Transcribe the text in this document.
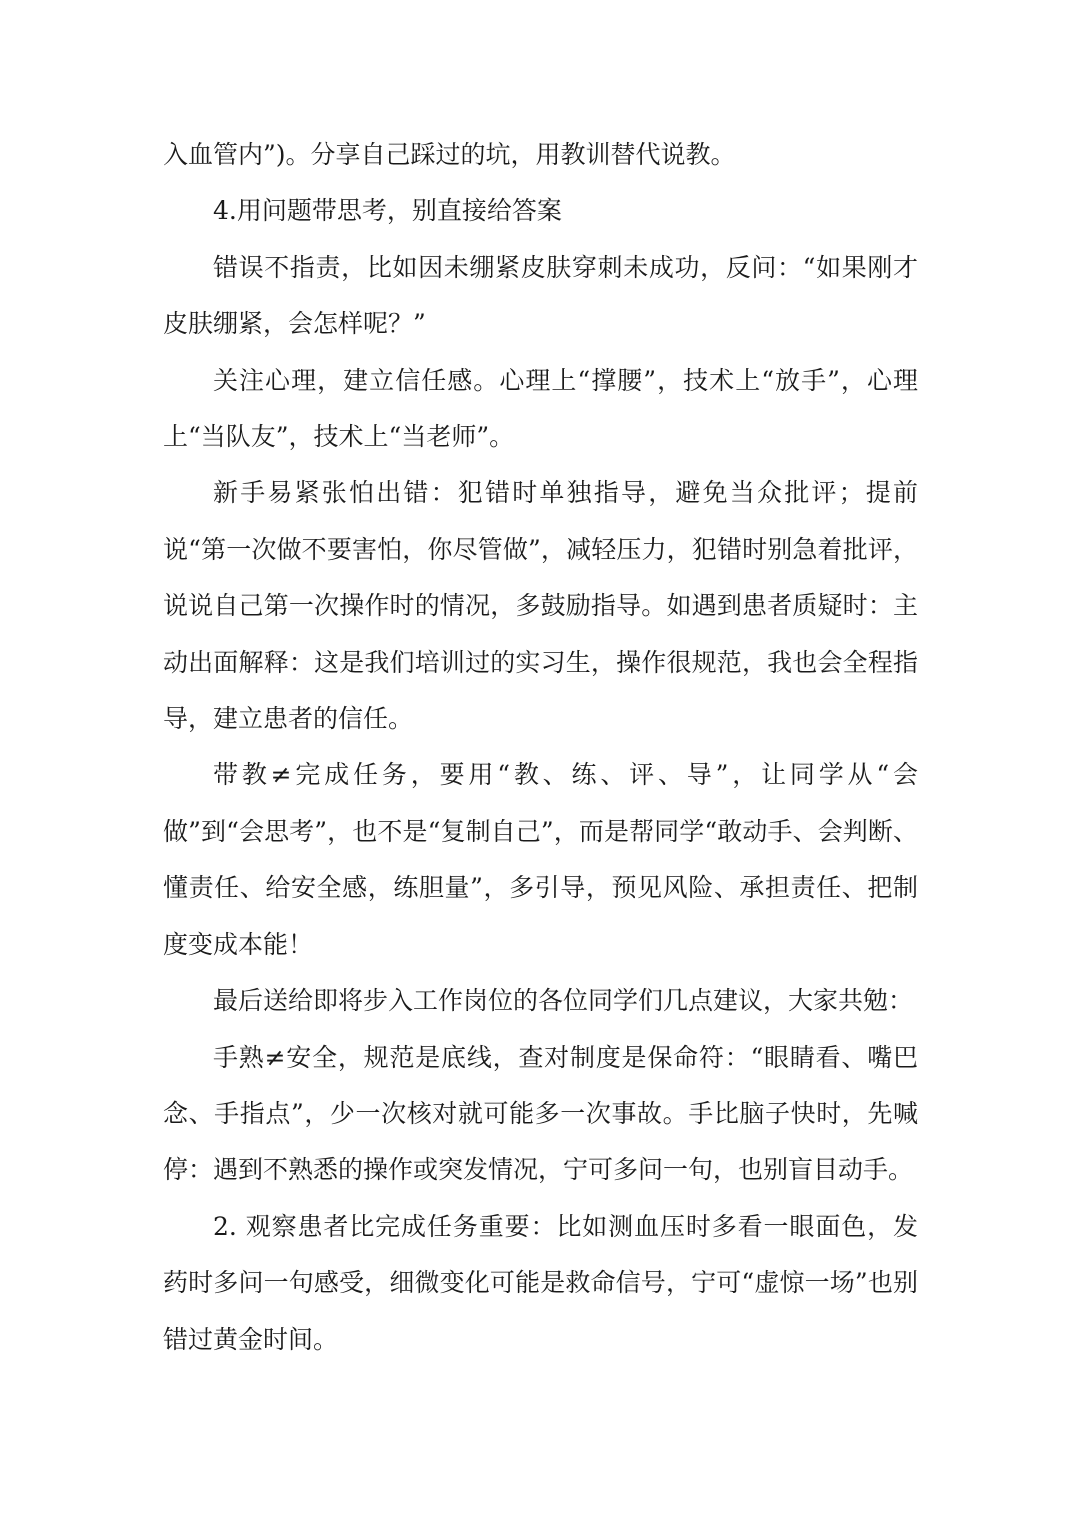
入血管内”)。分享自己踩过的坑，用教训替代说教。

4.用问题带思考，别直接给答案

错误不指责，比如因未绷紧皮肤穿刺未成功，反问：“如果刚才皮肤绷紧，会怎样呢？”

关注心理，建立信任感。心理上“撑腰”，技术上“放手”，心理上“当队友”，技术上“当老师”。

新手易紧张怕出错：犯错时单独指导，避免当众批评；提前说“第一次做不要害怕，你尽管做”，减轻压力，犯错时别急着批评，说说自己第一次操作时的情况，多鼓励指导。如遇到患者质疑时：主动出面解释：这是我们培训过的实习生，操作很规范，我也会全程指导，建立患者的信任。

带教≠完成任务，要用“教、练、评、导”，让同学从“会做”到“会思考”，也不是“复制自己”，而是帮同学“敢动手、会判断、懂责任、给安全感，练胆量”，多引导，预见风险、承担责任、把制度变成本能！

最后送给即将步入工作岗位的各位同学们几点建议，大家共勉：

手熟≠安全，规范是底线，查对制度是保命符：“眼睛看、嘴巴念、手指点”，少一次核对就可能多一次事故。手比脑子快时，先喊停：遇到不熟悉的操作或突发情况，宁可多问一句，也别盲目动手。

2. 观察患者比完成任务重要：比如测血压时多看一眼面色，发药时多问一句感受，细微变化可能是救命信号，宁可“虚惊一场”也别错过黄金时间。
